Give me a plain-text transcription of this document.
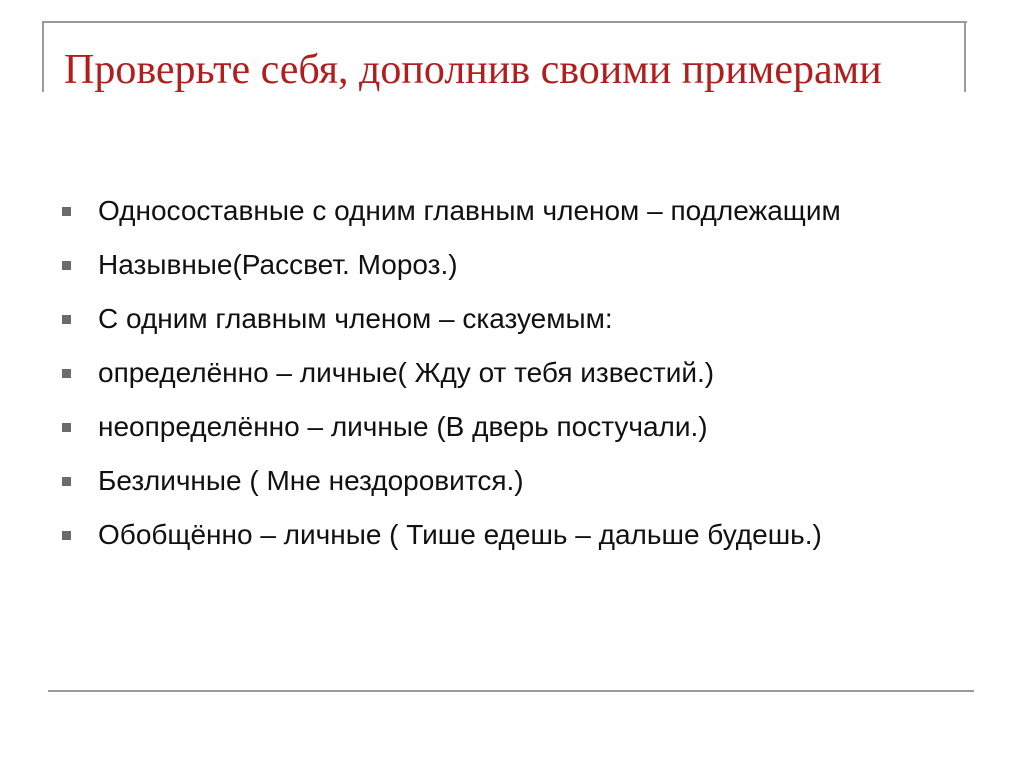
Проверьте себя, дополнив своими примерами
Односоставные с одним главным членом – подлежащим
Назывные(Рассвет. Мороз.)
С одним главным членом – сказуемым:
определённо – личные( Жду от тебя известий.)
неопределённо – личные (В дверь постучали.)
Безличные ( Мне нездоровится.)
Обобщённо – личные ( Тише едешь – дальше будешь.)
